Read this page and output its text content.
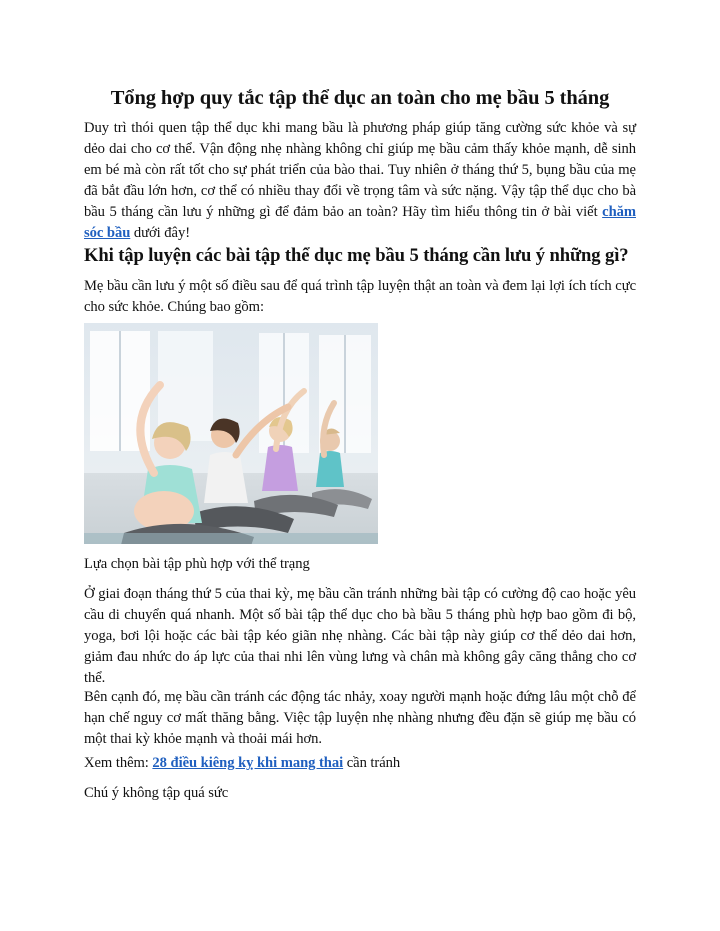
Tổng hợp quy tắc tập thể dục an toàn cho mẹ bầu 5 tháng

Duy trì thói quen tập thể dục khi mang bầu là phương pháp giúp tăng cường sức khỏe và sự dẻo dai cho cơ thể. Vận động nhẹ nhàng không chỉ giúp mẹ bầu cảm thấy khỏe mạnh, dễ sinh em bé mà còn rất tốt cho sự phát triển của bào thai. Tuy nhiên ở tháng thứ 5, bụng bầu của mẹ đã bắt đầu lớn hơn, cơ thể có nhiều thay đổi về trọng tâm và sức nặng. Vậy tập thể dục cho bà bầu 5 tháng cần lưu ý những gì để đảm bảo an toàn? Hãy tìm hiểu thông tin ở bài viết chăm sóc bầu dưới đây!

Khi tập luyện các bài tập thể dục mẹ bầu 5 tháng cần lưu ý những gì?

Mẹ bầu cần lưu ý một số điều sau để quá trình tập luyện thật an toàn và đem lại lợi ích tích cực cho sức khỏe. Chúng bao gồm:

Lựa chọn bài tập phù hợp với thể trạng

Ở giai đoạn tháng thứ 5 của thai kỳ, mẹ bầu cần tránh những bài tập có cường độ cao hoặc yêu cầu di chuyển quá nhanh. Một số bài tập thể dục cho bà bầu 5 tháng phù hợp bao gồm đi bộ, yoga, bơi lội hoặc các bài tập kéo giãn nhẹ nhàng. Các bài tập này giúp cơ thể dẻo dai hơn, giảm đau nhức do áp lực của thai nhi lên vùng lưng và chân mà không gây căng thẳng cho cơ thể.

Bên cạnh đó, mẹ bầu cần tránh các động tác nhảy, xoay người mạnh hoặc đứng lâu một chỗ để hạn chế nguy cơ mất thăng bằng. Việc tập luyện nhẹ nhàng nhưng đều đặn sẽ giúp mẹ bầu có một thai kỳ khỏe mạnh và thoải mái hơn.

Xem thêm: 28 điều kiêng kỵ khi mang thai cần tránh

Chú ý không tập quá sức
